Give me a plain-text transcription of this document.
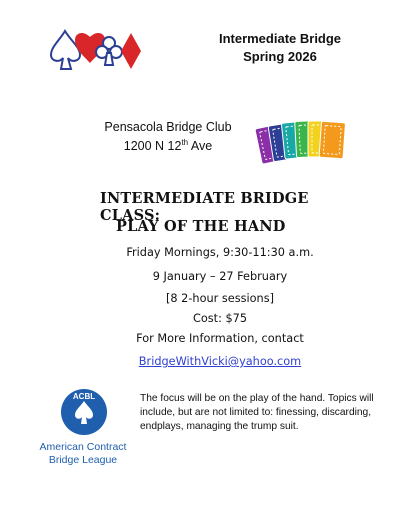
Intermediate Bridge
Spring 2026
Pensacola Bridge Club
1200 N 12th Ave
INTERMEDIATE BRIDGE CLASS:
PLAY OF THE HAND
Friday Mornings, 9:30-11:30 a.m.
9 January – 27 February
[8 2-hour sessions]
Cost: $75
For More Information, contact
BridgeWithVicki@yahoo.com
ACBL
American Contract
Bridge League
The focus will be on the play of the hand. Topics will include, but are not limited to: finessing, discarding, endplays, managing the trump suit.
